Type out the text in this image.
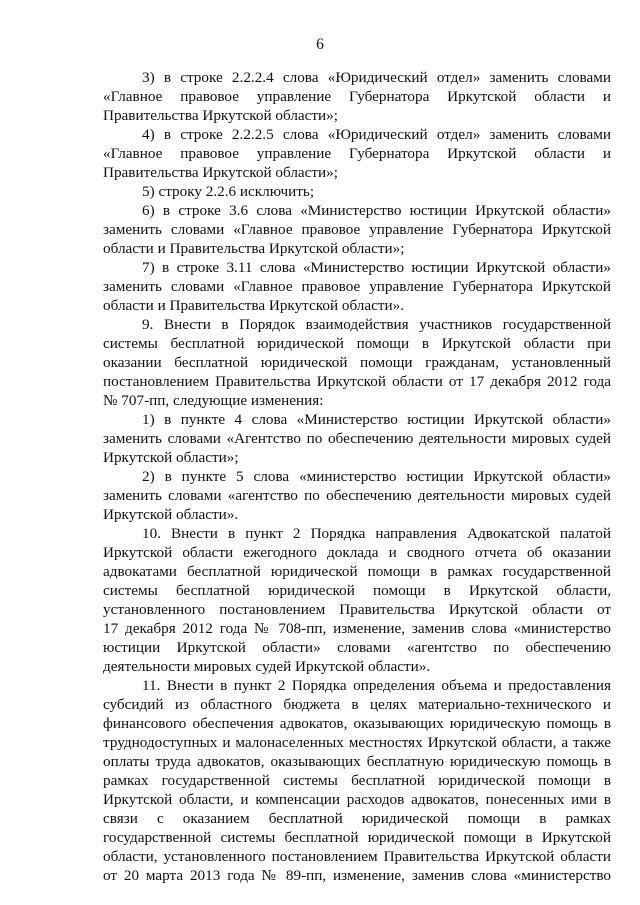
6
3) в строке 2.2.2.4 слова «Юридический отдел» заменить словами
«Главное правовое управление Губернатора Иркутской области и
Правительства Иркутской области»;
4) в строке 2.2.2.5 слова «Юридический отдел» заменить словами
«Главное правовое управление Губернатора Иркутской области и
Правительства Иркутской области»;
5) строку 2.2.6 исключить;
6) в строке 3.6 слова «Министерство юстиции Иркутской области»
заменить словами «Главное правовое управление Губернатора Иркутской
области и Правительства Иркутской области»;
7) в строке 3.11 слова «Министерство юстиции Иркутской области»
заменить словами «Главное правовое управление Губернатора Иркутской
области и Правительства Иркутской области».
9. Внести в Порядок взаимодействия участников государственной
системы бесплатной юридической помощи в Иркутской области при
оказании бесплатной юридической помощи гражданам, установленный
постановлением Правительства Иркутской области от 17 декабря 2012 года
№ 707-пп, следующие изменения:
1) в пункте 4 слова «Министерство юстиции Иркутской области»
заменить словами «Агентство по обеспечению деятельности мировых судей
Иркутской области»;
2) в пункте 5 слова «министерство юстиции Иркутской области»
заменить словами «агентство по обеспечению деятельности мировых судей
Иркутской области».
10. Внести в пункт 2 Порядка направления Адвокатской палатой
Иркутской области ежегодного доклада и сводного отчета об оказании
адвокатами бесплатной юридической помощи в рамках государственной
системы бесплатной юридической помощи в Иркутской области,
установленного постановлением Правительства Иркутской области от
17 декабря 2012 года № 708-пп, изменение, заменив слова «министерство
юстиции Иркутской области» словами «агентство по обеспечению
деятельности мировых судей Иркутской области».
11. Внести в пункт 2 Порядка определения объема и предоставления
субсидий из областного бюджета в целях материально-технического и
финансового обеспечения адвокатов, оказывающих юридическую помощь в
труднодоступных и малонаселенных местностях Иркутской области, а также
оплаты труда адвокатов, оказывающих бесплатную юридическую помощь в
рамках государственной системы бесплатной юридической помощи в
Иркутской области, и компенсации расходов адвокатов, понесенных ими в
связи с оказанием бесплатной юридической помощи в рамках
государственной системы бесплатной юридической помощи в Иркутской
области, установленного постановлением Правительства Иркутской области
от 20 марта 2013 года № 89-пп, изменение, заменив слова «министерство
